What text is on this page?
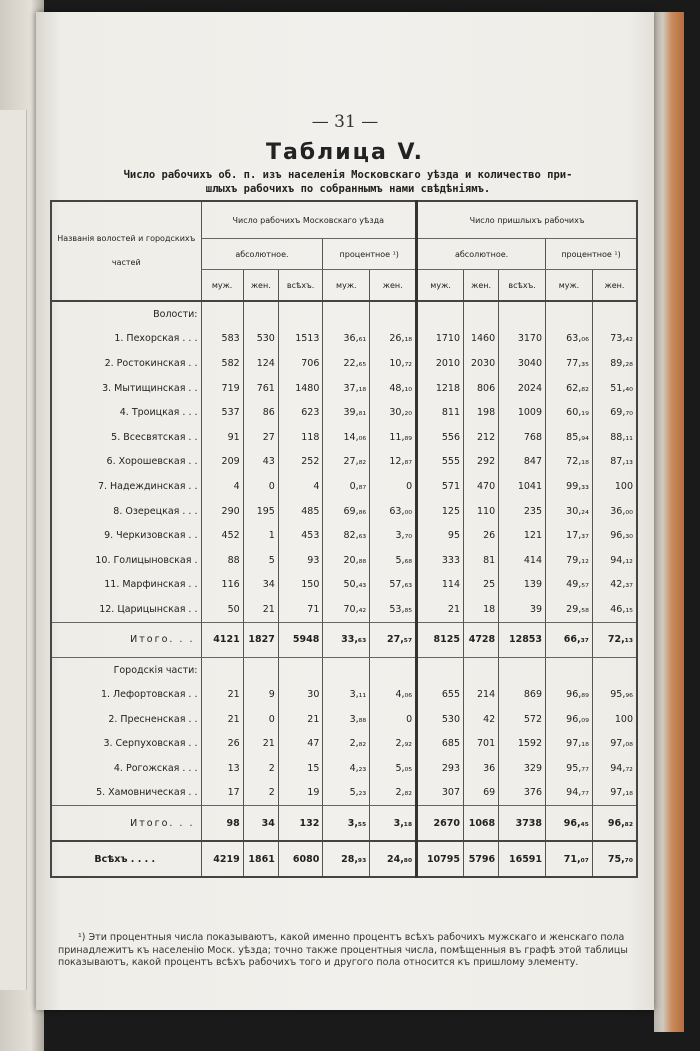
— 31 —
Таблица V.
Число рабочихъ об. п. изъ населенія Московскаго уѣзда и количество при-
шлыхъ рабочихъ по собраннымъ нами свѣдѣніямъ.
Названія волостей и городскихъ частей	Число рабочихъ Московскаго уѣзда					Число пришлыхъ рабочихъ				
	абсолютное.			процентное ¹)		абсолютное.			процентное ¹)	
	муж.	жен.	всѣхъ.	муж.	жен.	муж.	жен.	всѣхъ.	муж.	жен.
Волости:										
1. Пехорская . . .	583	530	1513	36,₆₁	26,₁₈	1710	1460	3170	63,₀₆	73,₄₂
2. Ростокинская . .	582	124	706	22,₆₅	10,₇₂	2010	2030	3040	77,₃₅	89,₂₈
3. Мытищинская . .	719	761	1480	37,₁₈	48,₁₀	1218	806	2024	62,₈₂	51,₄₀
4. Троицкая . . .	537	86	623	39,₈₁	30,₂₀	811	198	1009	60,₁₉	69,₇₀
5. Всесвятская . .	91	27	118	14,₀₆	11,₈₉	556	212	768	85,₉₄	88,₁₁
6. Хорошевская . .	209	43	252	27,₈₂	12,₈₇	555	292	847	72,₁₈	87,₁₃
7. Надеждинская . .	4	0	4	0,₈₇	0	571	470	1041	99,₃₃	100
8. Озерецкая . . .	290	195	485	69,₈₆	63,₀₀	125	110	235	30,₂₄	36,₀₀
9. Черкизовская . .	452	1	453	82,₆₃	3,₇₀	95	26	121	17,₃₇	96,₃₀
10. Голицыновская .	88	5	93	20,₈₈	5,₆₈	333	81	414	79,₁₂	94,₁₂
11. Марфинская . .	116	34	150	50,₄₃	57,₆₃	114	25	139	49,₅₇	42,₃₇
12. Царицынская . .	50	21	71	70,₄₂	53,₈₅	21	18	39	29,₅₈	46,₁₅
Итого. . .	4121	1827	5948	33,₆₃	27,₅₇	8125	4728	12853	66,₃₇	72,₁₃
Городскія части:										
1. Лефортовская . .	21	9	30	3,₁₁	4,₀₆	655	214	869	96,₈₉	95,₉₆
2. Пресненская . .	21	0	21	3,₈₈	0	530	42	572	96,₀₉	100
3. Серпуховская . .	26	21	47	2,₈₂	2,₉₂	685	701	1592	97,₁₈	97,₀₈
4. Рогожская . . .	13	2	15	4,₂₃	5,₀₅	293	36	329	95,₇₇	94,₇₂
5. Хамовническая . .	17	2	19	5,₂₃	2,₈₂	307	69	376	94,₇₇	97,₁₈
Итого. . .	98	34	132	3,₅₅	3,₁₈	2670	1068	3738	96,₄₅	96,₈₂
Всѣхъ . . . .	4219	1861	6080	28,₉₃	24,₈₀	10795	5796	16591	71,₀₇	75,₇₀
¹) Эти процентныя числа показываютъ, какой именно процентъ всѣхъ рабочихъ мужскаго и женскаго пола принадлежитъ къ населенію Моск. уѣзда; точно также процентныя числа, помѣщенныя въ графѣ этой таблицы показываютъ, какой процентъ всѣхъ рабочихъ того и другого пола относится къ пришлому элементу.
